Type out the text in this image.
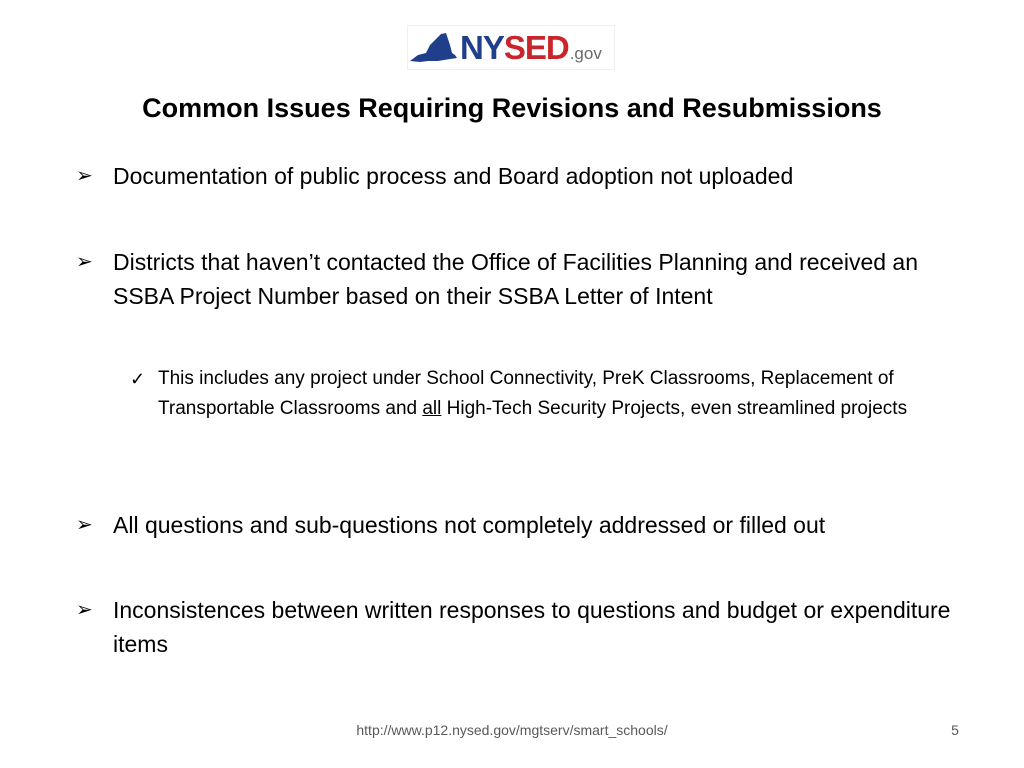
NY SED .gov
Common Issues Requiring Revisions and Resubmissions
➢ Documentation of public process and Board adoption not uploaded
➢ Districts that haven’t contacted the Office of Facilities Planning and received an SSBA Project Number based on their SSBA Letter of Intent
✓ This includes any project under School Connectivity, PreK Classrooms, Replacement of Transportable Classrooms and all High-Tech Security Projects, even streamlined projects
➢ All questions and sub-questions not completely addressed or filled out
➢ Inconsistences between written responses to questions and budget or expenditure items
http://www.p12.nysed.gov/mgtserv/smart_schools/	5
